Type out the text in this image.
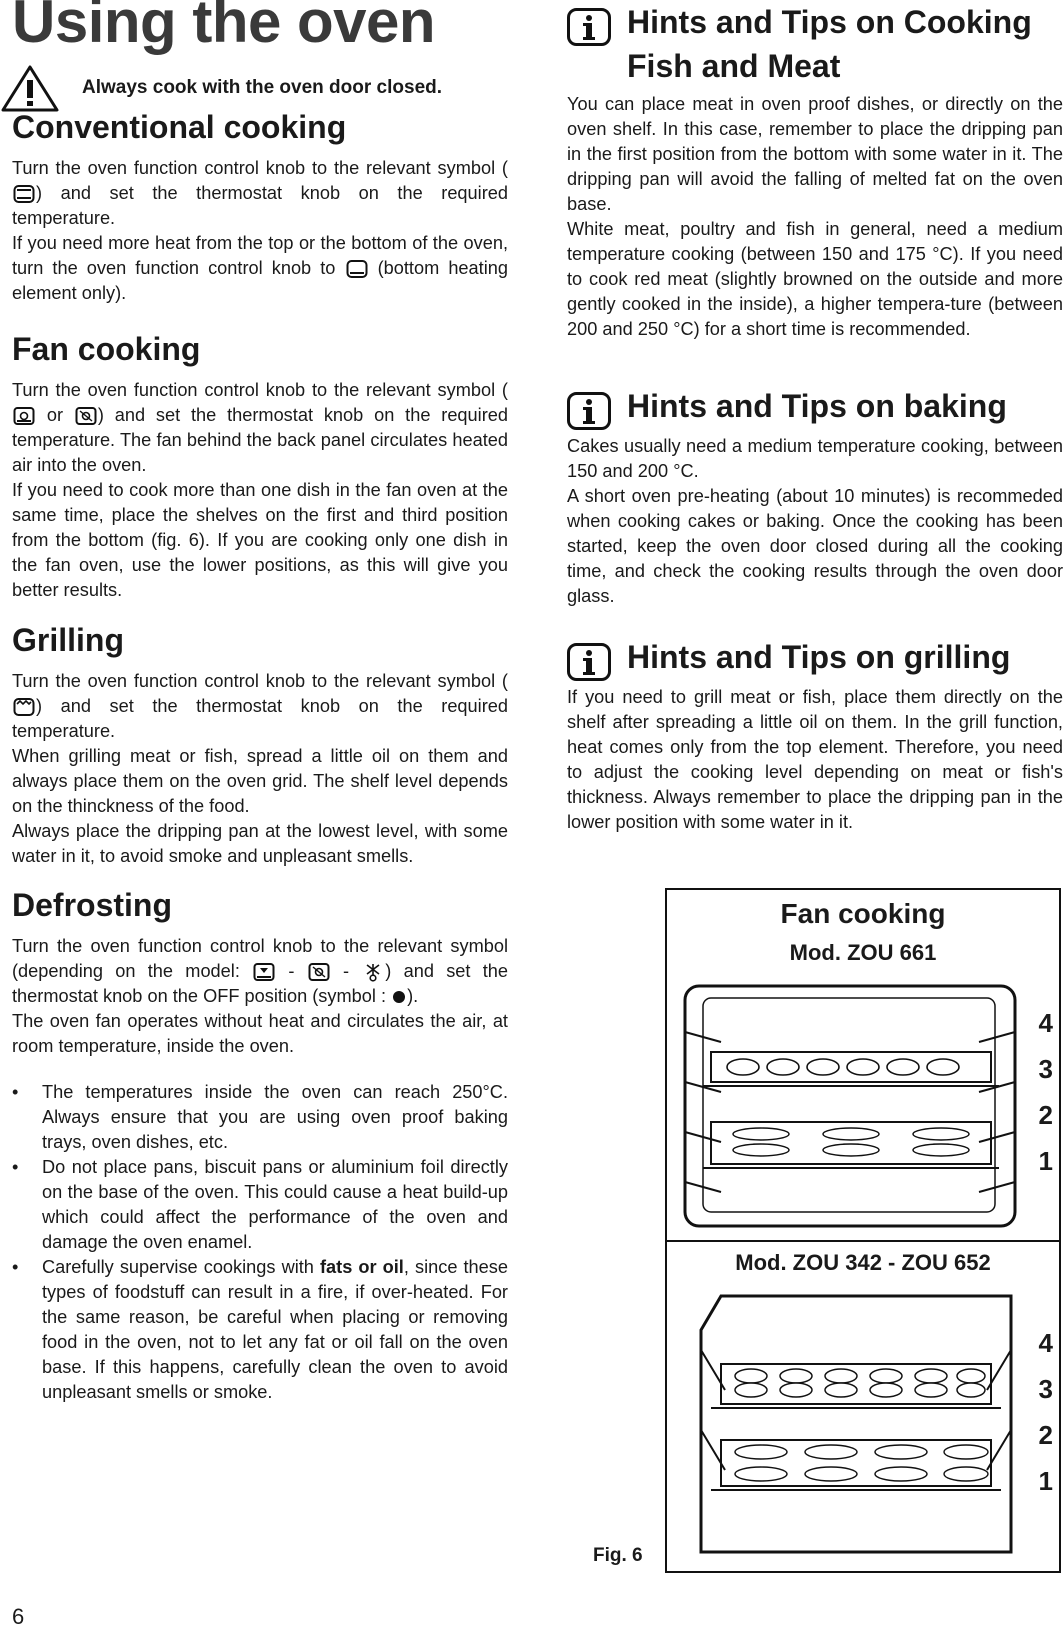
Using the oven
Always cook with the oven door closed.
Conventional cooking

Turn the oven function control knob to the relevant symbol () and set the thermostat knob on the required temperature.

If you need more heat from the top or the bottom of the oven, turn the oven function control knob to  (bottom heating element only).

Fan cooking

Turn the oven function control knob to the relevant symbol ( or ) and set the thermostat knob on the required temperature. The fan behind the back panel circulates heated air into the oven.

If you need to cook more than one dish in the fan oven at the same time, place the shelves on the first and third position from the bottom (fig. 6). If you are cooking only one dish in the fan oven, use the lower positions, as this will give you better results.

Grilling

Turn the oven function control knob to the relevant symbol () and set the thermostat knob on the required temperature.

When grilling meat or fish, spread a little oil on them and always place them on the oven grid. The shelf level depends on the thinckness of the food.

Always place the dripping pan at the lowest level, with some water in it, to avoid smoke and unpleasant smells.

Defrosting

Turn the oven function control knob to the relevant symbol (depending on the model:  -  - ) and set the thermostat knob on the OFF position (symbol : ).

The oven fan operates without heat and circulates the air, at room temperature, inside the oven.

• The temperatures inside the oven can reach 250°C. Always ensure that you are using oven proof baking trays, oven dishes, etc.
• Do not place pans, biscuit pans or aluminium foil directly on the base of the oven. This could cause a heat build-up which could affect the performance of the oven and damage the oven enamel.
• Carefully supervise cookings with fats or oil, since these types of foodstuff can result in a fire, if over-heated. For the same reason, be careful when placing or removing food in the oven, not to let any fat or oil fall on the oven base. If this happens, carefully clean the oven to avoid unpleasant smells or smoke.
Hints and Tips on Cooking
Fish and Meat

You can place meat in oven proof dishes, or directly on the oven shelf. In this case, remember to place the dripping pan in the first position from the bottom with some water in it. The dripping pan will avoid the falling of melted fat on the oven base.

White meat, poultry and fish in general, need a medium temperature cooking (between 150 and 175 °C). If you need to cook red meat (slightly browned on the outside and more gently cooked in the inside), a higher tempera-ture (between 200 and 250 °C) for a short time is recommended.

Hints and Tips on baking

Cakes usually need a medium temperature cooking, between 150 and 200 °C.

A short oven pre-heating (about 10 minutes) is recommeded when cooking cakes or baking. Once the cooking has been started, keep the oven door closed during all the cooking time, and check the cooking results through the oven door glass.

Hints and Tips on grilling

If you need to grill meat or fish, place them directly on the shelf after spreading a little oil on them. In the grill function, heat comes only from the top element. Therefore, you need to adjust the cooking level depending on meat or fish's thickness. Always remember to place the dripping pan in the lower position with some water in it.

Fan cooking
Mod. ZOU 661
Mod. ZOU 342 - ZOU 652
4
3
2
1
4
3
2
1
Fig. 6
6
